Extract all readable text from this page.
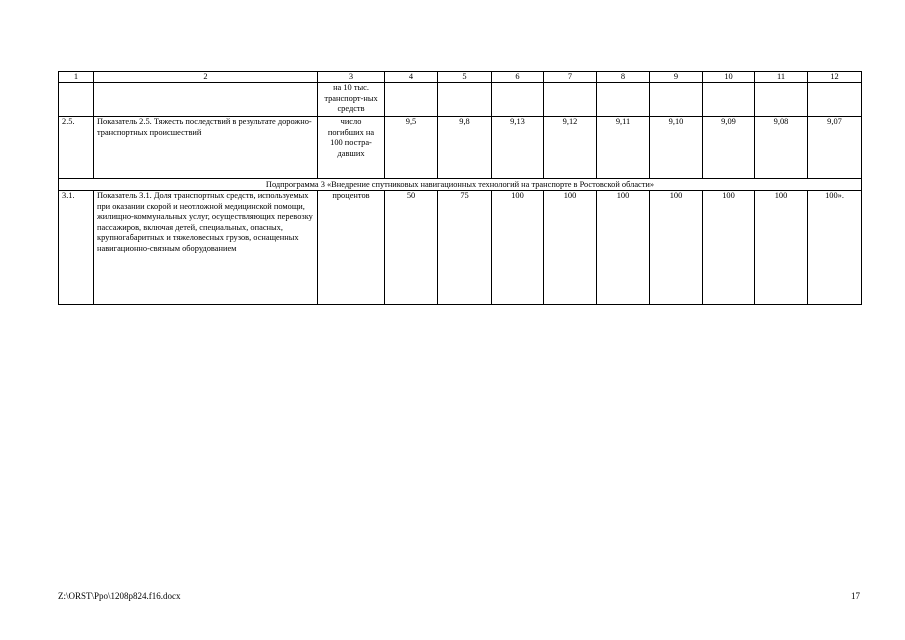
1	2	3	4	5	6	7	8	9	10	11	12
		на 10 тыс. транспорт-ных средств									
2.5.	Показатель 2.5. Тяжесть последствий в результате дорожно-транспортных происшествий	число погибших на 100 постра-давших	9,5	9,8	9,13	9,12	9,11	9,10	9,09	9,08	9,07
Подпрограмма 3 «Внедрение спутниковых навигационных технологий на транспорте в Ростовской области»											
3.1.	Показатель 3.1. Доля транспортных средств, используемых при оказании скорой и неотложной медицинской помощи, жилищно-коммунальных услуг, осуществляющих перевозку пассажиров, включая детей, специальных, опасных, крупногабаритных и тяжеловесных грузов, оснащенных навигационно-связным оборудованием	процентов	50	75	100	100	100	100	100	100	100».
Z:\ORST\Ppo\1208p824.f16.docx	17
